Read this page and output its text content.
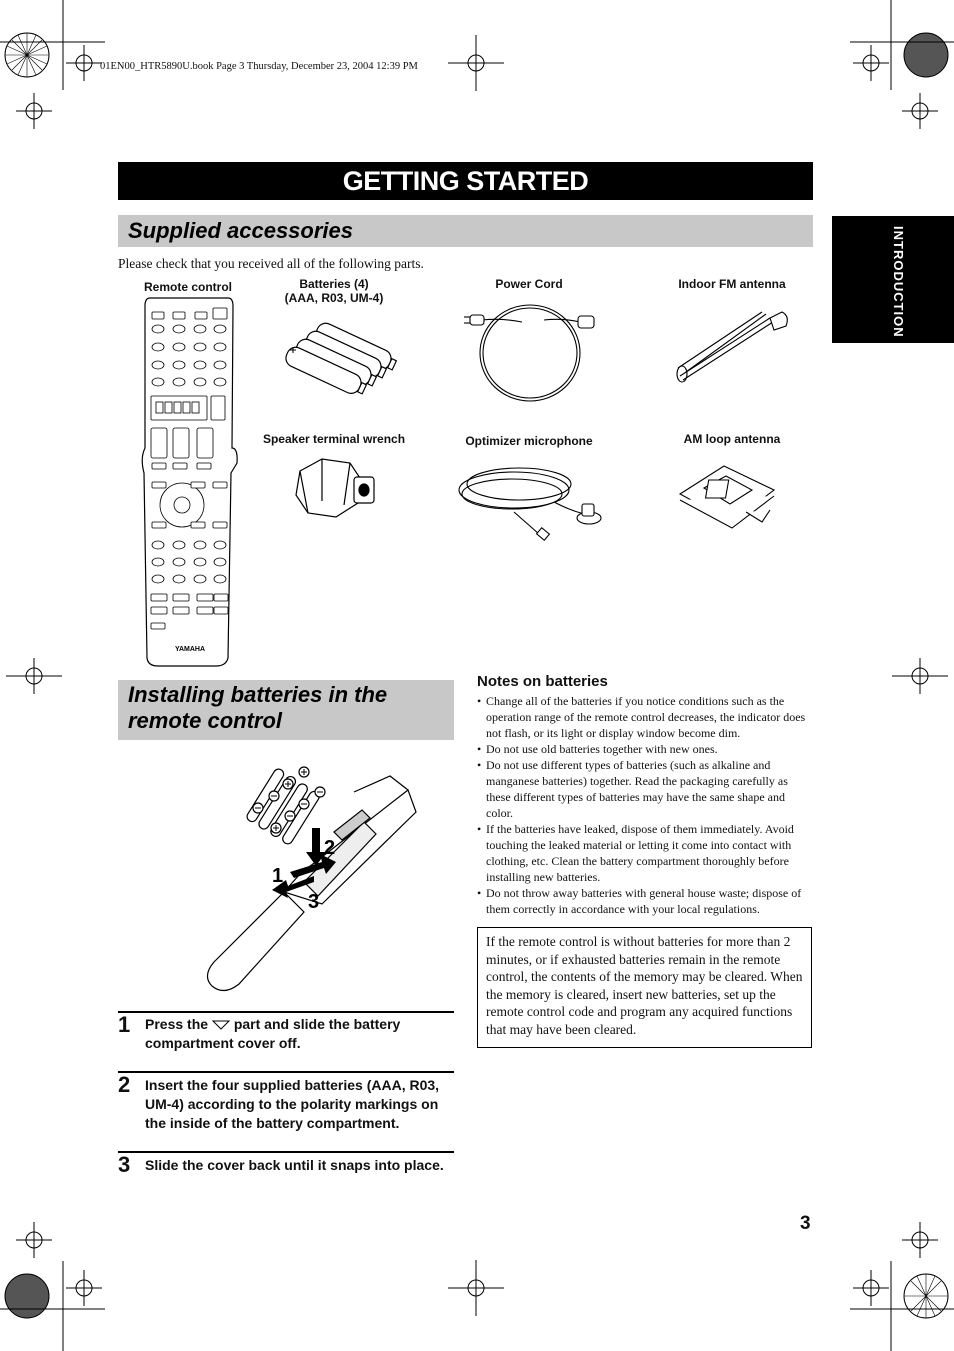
01EN00_HTR5890U.book Page 3 Thursday, December 23, 2004 12:39 PM
GETTING STARTED
INTRODUCTION
Supplied accessories
Please check that you received all of the following parts.
Remote control	Batteries (4)
(AAA, R03, UM-4)
Power Cord	Indoor FM antenna
Speaker terminal wrench	Optimizer microphone	AM loop antenna
YAMAHA
Installing batteries in the remote control
2
1
3
1 Press the part and slide the battery compartment cover off.
2 Insert the four supplied batteries (AAA, R03, UM-4) according to the polarity markings on the inside of the battery compartment.
3 Slide the cover back until it snaps into place.
Notes on batteries
• Change all of the batteries if you notice conditions such as the operation range of the remote control decreases, the indicator does not flash, or its light or display window become dim.
• Do not use old batteries together with new ones.
• Do not use different types of batteries (such as alkaline and manganese batteries) together. Read the packaging carefully as these different types of batteries may have the same shape and color.
• If the batteries have leaked, dispose of them immediately. Avoid touching the leaked material or letting it come into contact with clothing, etc. Clean the battery compartment thoroughly before installing new batteries.
• Do not throw away batteries with general house waste; dispose of them correctly in accordance with your local regulations.
If the remote control is without batteries for more than 2 minutes, or if exhausted batteries remain in the remote control, the contents of the memory may be cleared. When the memory is cleared, insert new batteries, set up the remote control code and program any acquired functions that may have been cleared.
3
